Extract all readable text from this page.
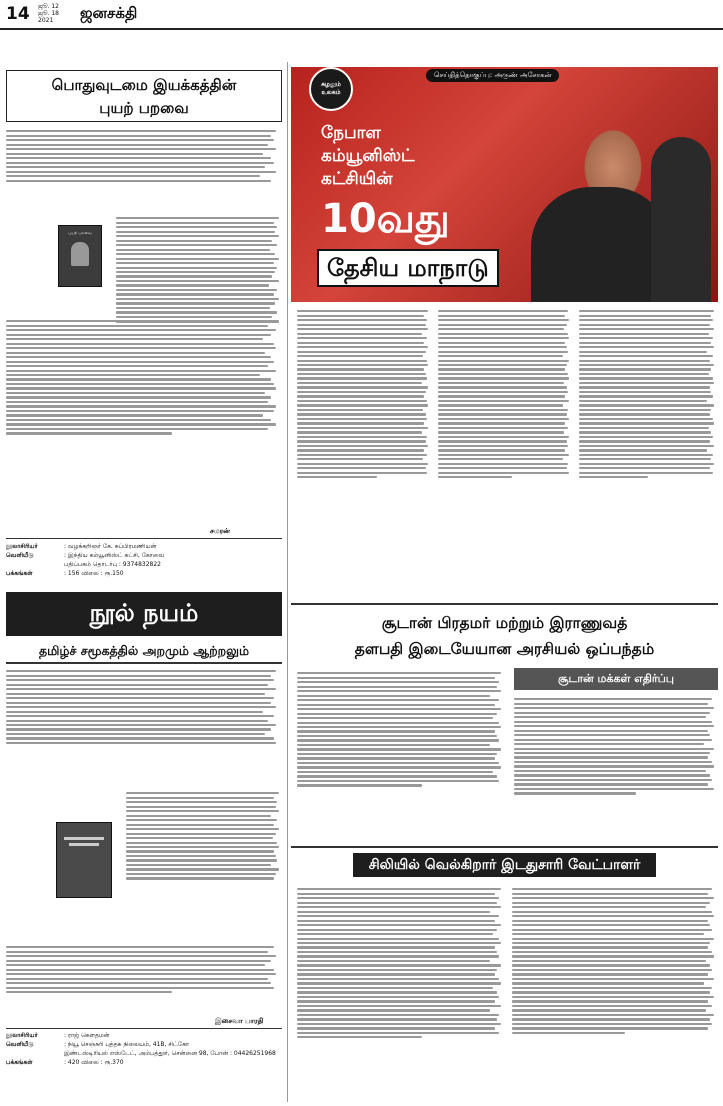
14 ஜூ. 12
ஜூ. 18
2021	ஜனசக்தி
பொதுவுடமை இயக்கத்தின்
புயற் பறவை
புயற் பறவை
சமரன்
நூலாசிரியர்	: வழக்கறிஞர் கே. சுப்பிரமணியன்
வெளியீடு	: இந்திய கம்யூனிஸ்ட் கட்சி, கோவை
பதிப்பகம் தொடர்பு : 9374832822
பக்கங்கள்	: 156 விலை : ரூ.150
நூல் நயம்
தமிழ்ச் சமூகத்தில் அறமும் ஆற்றலும்
இசைவா பாரதி
நூலாசிரியர்	: ராஜ் கௌதமன்
வெளியீடு	: நியூ செஞ்சுரி புத்தக நிலையம், 41B, சிட்கோ
இண்டஸ்டிரியல் எஸ்டேட், அம்பத்தூர், சென்னை 98, போன் : 04426251968
பக்கங்கள்	: 420 விலை : ரூ.370
சுழலும்
உலகம்
செய்தித்தொகுப்பு: அருண் அசோகன்
நேபாள
கம்யூனிஸ்ட்
கட்சியின்
10வது
தேசிய மாநாடு
சூடான் பிரதமர் மற்றும் இராணுவத்
தளபதி இடையேயான அரசியல் ஒப்பந்தம்
சூடான் மக்கள் எதிர்ப்பு
சிலியில் வெல்கிறார் இடதுசாரி வேட்பாளர்
